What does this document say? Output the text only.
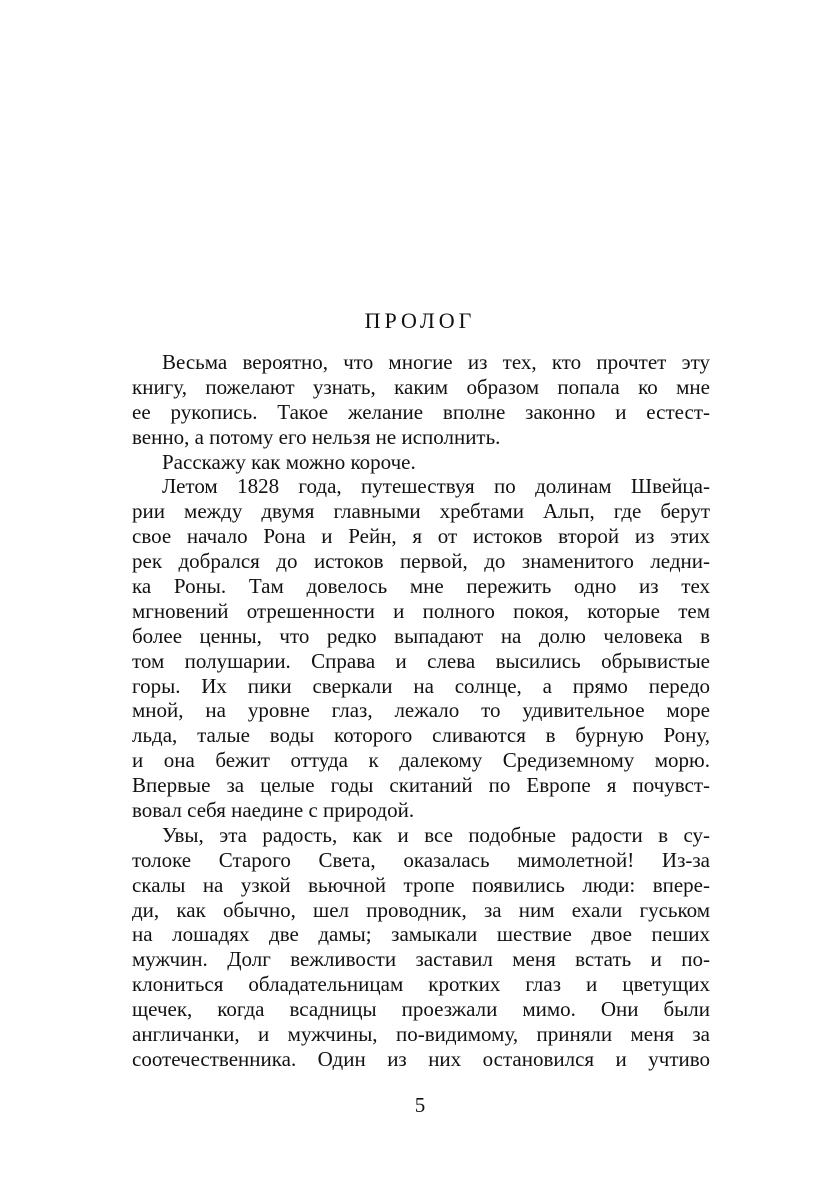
ПРОЛОГ
Весьма вероятно, что многие из тех, кто прочтет эту
книгу, пожелают узнать, каким образом попала ко мне
ее рукопись. Такое желание вполне законно и естест-
венно, а потому его нельзя не исполнить.
Расскажу как можно короче.
Летом 1828 года, путешествуя по долинам Швейца-
рии между двумя главными хребтами Альп, где берут
свое начало Рона и Рейн, я от истоков второй из этих
рек добрался до истоков первой, до знаменитого ледни-
ка Роны. Там довелось мне пережить одно из тех
мгновений отрешенности и полного покоя, которые тем
более ценны, что редко выпадают на долю человека в
том полушарии. Справа и слева высились обрывистые
горы. Их пики сверкали на солнце, а прямо передо
мной, на уровне глаз, лежало то удивительное море
льда, талые воды которого сливаются в бурную Рону,
и она бежит оттуда к далекому Средиземному морю.
Впервые за целые годы скитаний по Европе я почувст-
вовал себя наедине с природой.
Увы, эта радость, как и все подобные радости в су-
толоке Старого Света, оказалась мимолетной! Из-за
скалы на узкой вьючной тропе появились люди: впере-
ди, как обычно, шел проводник, за ним ехали гуськом
на лошадях две дамы; замыкали шествие двое пеших
мужчин. Долг вежливости заставил меня встать и по-
клониться обладательницам кротких глаз и цветущих
щечек, когда всадницы проезжали мимо. Они были
англичанки, и мужчины, по-видимому, приняли меня за
соотечественника. Один из них остановился и учтиво
5
